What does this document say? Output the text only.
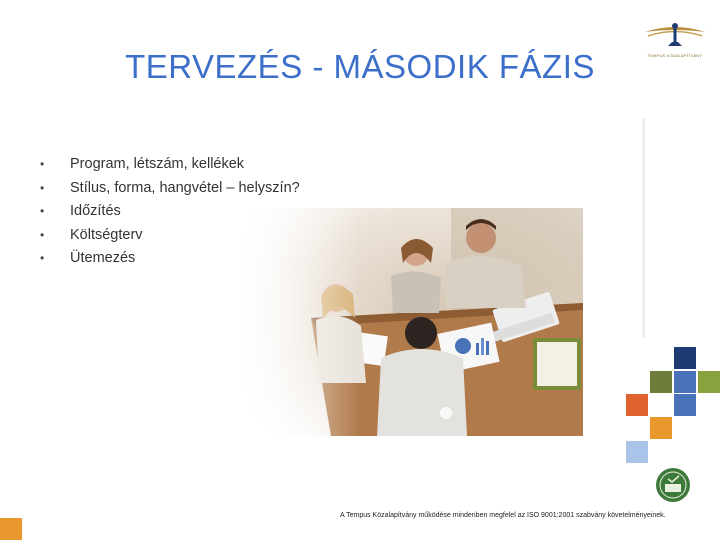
TEMPUS KÖZALAPÍTVÁNY
TERVEZÉS - MÁSODIK FÁZIS
• Program, létszám, kellékek
• Stílus, forma, hangvétel – helyszín?
• Időzítés
• Költségterv
• Ütemezés
A Tempus Közalapítvány működése mindenben megfelel az ISO 9001:2001 szabvány követelményeinek.
